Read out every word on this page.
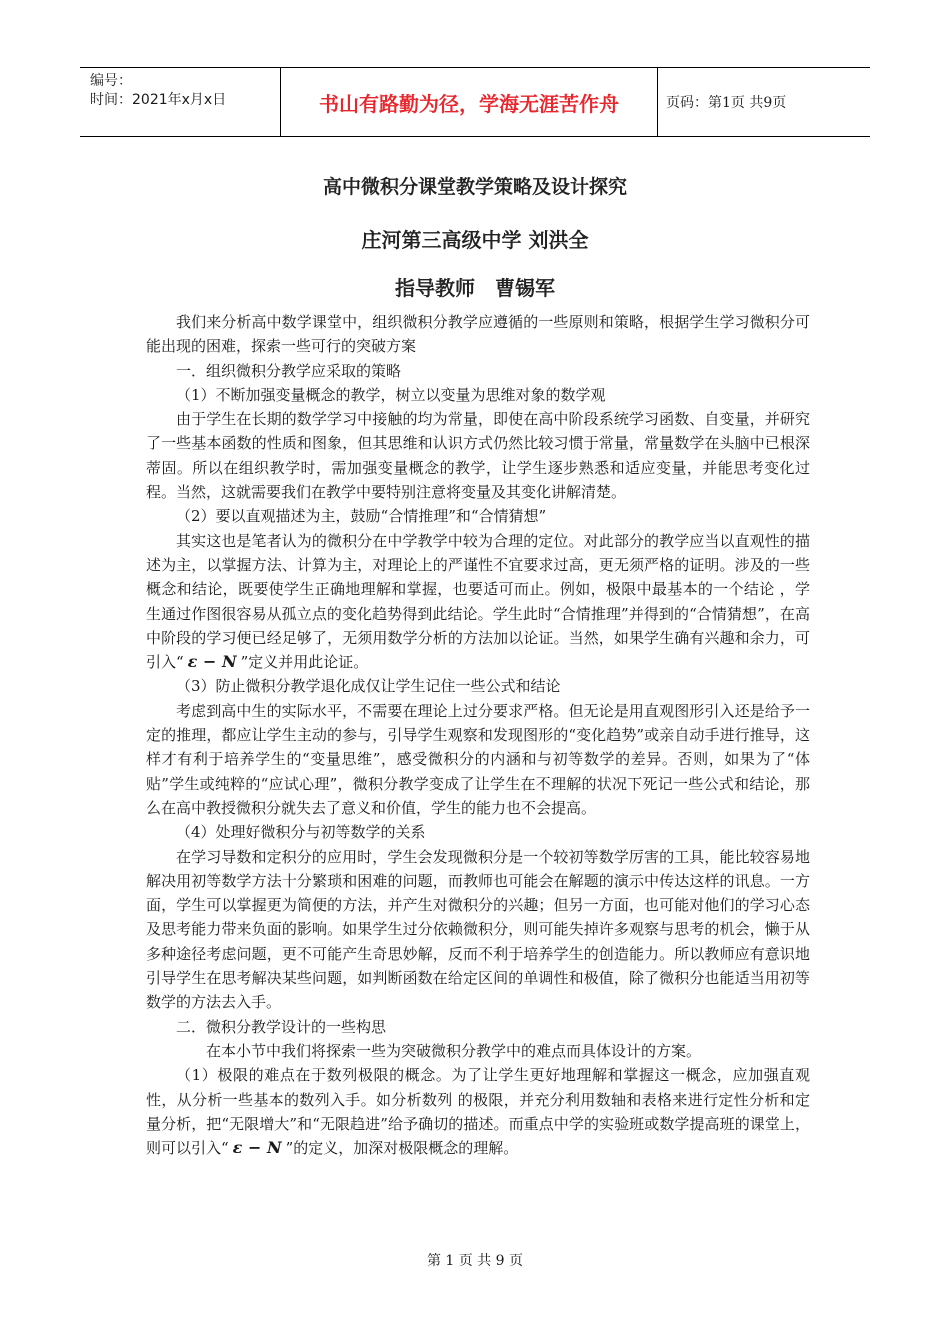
编号：
时间：2021年x月x日	书山有路勤为径，学海无涯苦作舟	页码：第1页 共9页
高中微积分课堂教学策略及设计探究
庄河第三高级中学 刘洪全
指导教师　曹锡军

我们来分析高中数学课堂中，组织微积分教学应遵循的一些原则和策略，根据学生学习微积分可能出现的困难，探索一些可行的突破方案

一．组织微积分教学应采取的策略

（1）不断加强变量概念的教学，树立以变量为思维对象的数学观

由于学生在长期的数学学习中接触的均为常量，即使在高中阶段系统学习函数、自变量，并研究了一些基本函数的性质和图象，但其思维和认识方式仍然比较习惯于常量，常量数学在头脑中已根深蒂固。所以在组织教学时，需加强变量概念的教学，让学生逐步熟悉和适应变量，并能思考变化过程。当然，这就需要我们在教学中要特别注意将变量及其变化讲解清楚。

（2）要以直观描述为主，鼓励“合情推理”和“合情猜想”

其实这也是笔者认为的微积分在中学教学中较为合理的定位。对此部分的教学应当以直观性的描述为主，以掌握方法、计算为主，对理论上的严谨性不宜要求过高，更无须严格的证明。涉及的一些概念和结论，既要使学生正确地理解和掌握，也要适可而止。例如，极限中最基本的一个结论 ，学生通过作图很容易从孤立点的变化趋势得到此结论。学生此时“合情推理”并得到的“合情猜想”，在高中阶段的学习便已经足够了，无须用数学分析的方法加以论证。当然，如果学生确有兴趣和余力，可引入“ ε − N ”定义并用此论证。

（3）防止微积分教学退化成仅让学生记住一些公式和结论

考虑到高中生的实际水平，不需要在理论上过分要求严格。但无论是用直观图形引入还是给予一定的推理，都应让学生主动的参与，引导学生观察和发现图形的“变化趋势”或亲自动手进行推导，这样才有利于培养学生的“变量思维”，感受微积分的内涵和与初等数学的差异。否则，如果为了“体贴”学生或纯粹的“应试心理”，微积分教学变成了让学生在不理解的状况下死记一些公式和结论，那么在高中教授微积分就失去了意义和价值，学生的能力也不会提高。

（4）处理好微积分与初等数学的关系

在学习导数和定积分的应用时，学生会发现微积分是一个较初等数学厉害的工具，能比较容易地解决用初等数学方法十分繁琐和困难的问题，而教师也可能会在解题的演示中传达这样的讯息。一方面，学生可以掌握更为简便的方法，并产生对微积分的兴趣；但另一方面，也可能对他们的学习心态及思考能力带来负面的影响。如果学生过分依赖微积分，则可能失掉许多观察与思考的机会，懒于从多种途径考虑问题，更不可能产生奇思妙解，反而不利于培养学生的创造能力。所以教师应有意识地引导学生在思考解决某些问题，如判断函数在给定区间的单调性和极值，除了微积分也能适当用初等数学的方法去入手。

二．微积分教学设计的一些构思

在本小节中我们将探索一些为突破微积分教学中的难点而具体设计的方案。

（1）极限的难点在于数列极限的概念。为了让学生更好地理解和掌握这一概念，应加强直观性，从分析一些基本的数列入手。如分析数列 的极限，并充分利用数轴和表格来进行定性分析和定量分析，把“无限增大”和“无限趋进”给予确切的描述。而重点中学的实验班或数学提高班的课堂上，则可以引入“ ε − N ”的定义，加深对极限概念的理解。

第 1 页 共 9 页
